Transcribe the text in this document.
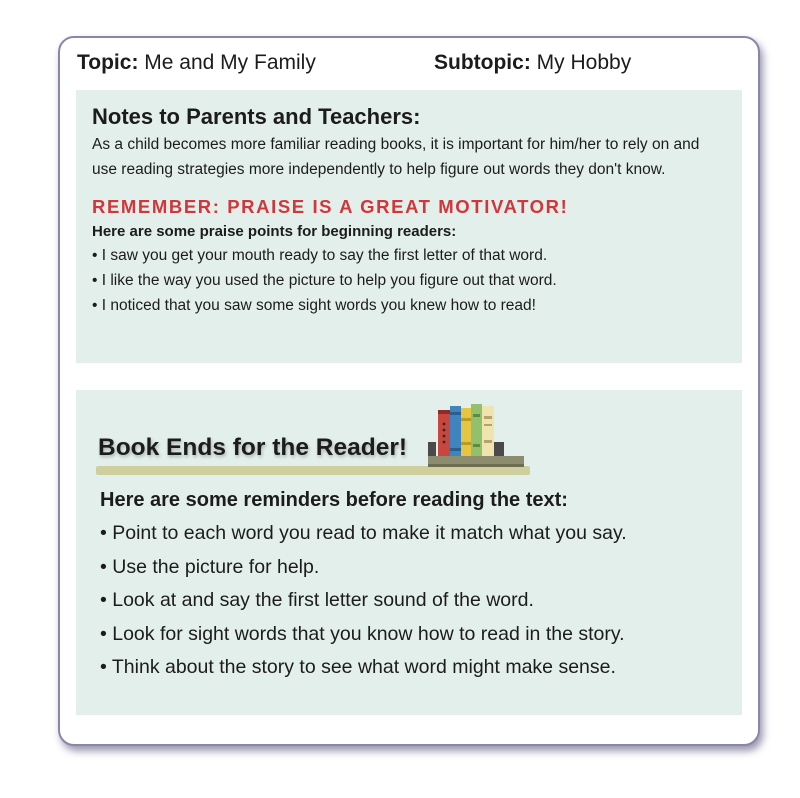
Topic: Me and My Family	Subtopic: My Hobby
Notes to Parents and Teachers:

As a child becomes more familiar reading books, it is important for him/her to rely on and use reading strategies more independently to help figure out words they don't know.

REMEMBER: PRAISE IS A GREAT MOTIVATOR!

Here are some praise points for beginning readers:

• I saw you get your mouth ready to say the first letter of that word.
• I like the way you used the picture to help you figure out that word.
• I noticed that you saw some sight words you knew how to read!
Book Ends for the Reader!

Here are some reminders before reading the text:

• Point to each word you read to make it match what you say.
• Use the picture for help.
• Look at and say the first letter sound of the word.
• Look for sight words that you know how to read in the story.
• Think about the story to see what word might make sense.
